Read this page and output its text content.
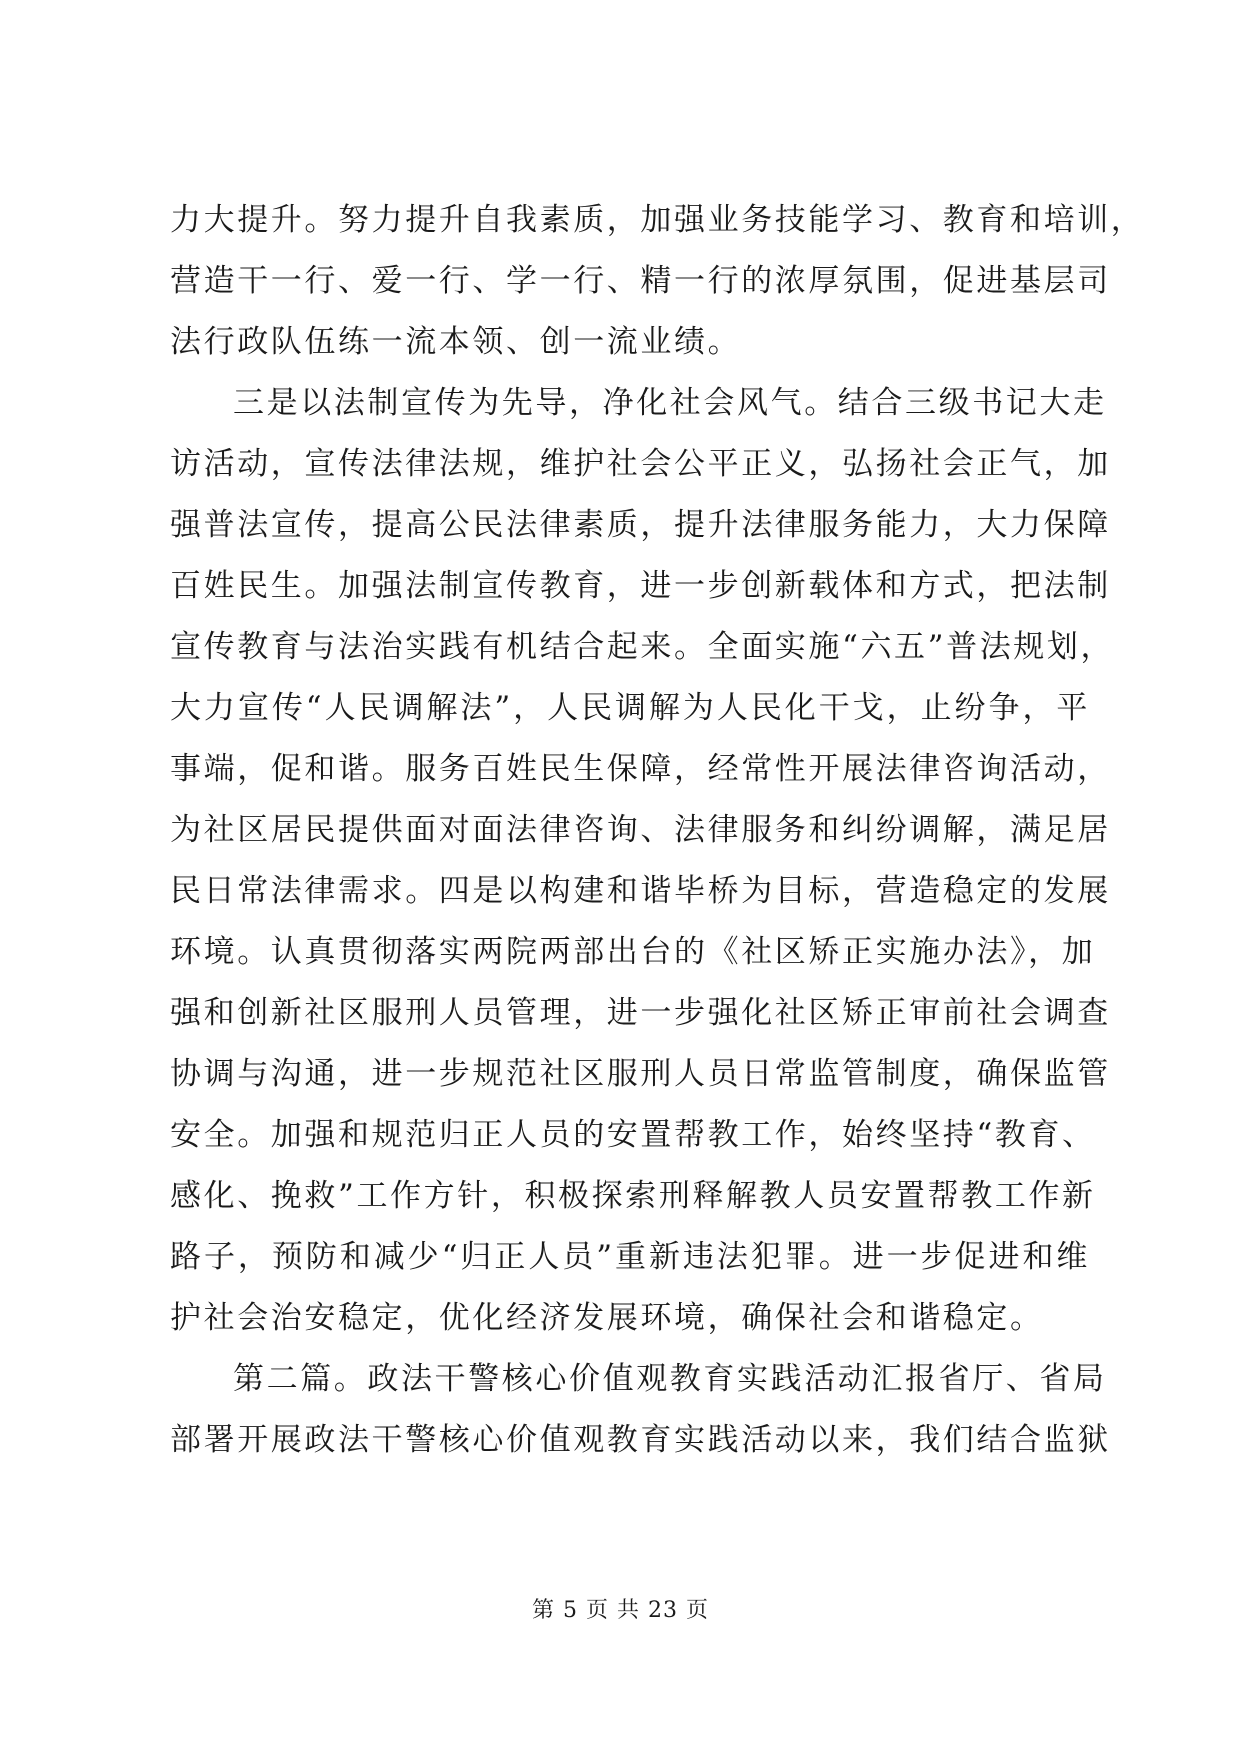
力大提升。努力提升自我素质，加强业务技能学习、教育和培训，
营造干一行、爱一行、学一行、精一行的浓厚氛围，促进基层司
法行政队伍练一流本领、创一流业绩。
三是以法制宣传为先导，净化社会风气。结合三级书记大走
访活动，宣传法律法规，维护社会公平正义，弘扬社会正气，加
强普法宣传，提高公民法律素质，提升法律服务能力，大力保障
百姓民生。加强法制宣传教育，进一步创新载体和方式，把法制
宣传教育与法治实践有机结合起来。全面实施“六五”普法规划，
大力宣传“人民调解法”，人民调解为人民化干戈，止纷争，平
事端，促和谐。服务百姓民生保障，经常性开展法律咨询活动，
为社区居民提供面对面法律咨询、法律服务和纠纷调解，满足居
民日常法律需求。四是以构建和谐毕桥为目标，营造稳定的发展
环境。认真贯彻落实两院两部出台的《社区矫正实施办法》，加
强和创新社区服刑人员管理，进一步强化社区矫正审前社会调查
协调与沟通，进一步规范社区服刑人员日常监管制度，确保监管
安全。加强和规范归正人员的安置帮教工作，始终坚持“教育、
感化、挽救”工作方针，积极探索刑释解教人员安置帮教工作新
路子，预防和减少“归正人员”重新违法犯罪。进一步促进和维
护社会治安稳定，优化经济发展环境，确保社会和谐稳定。
第二篇。政法干警核心价值观教育实践活动汇报省厅、省局
部署开展政法干警核心价值观教育实践活动以来，我们结合监狱
第 5 页 共 23 页
